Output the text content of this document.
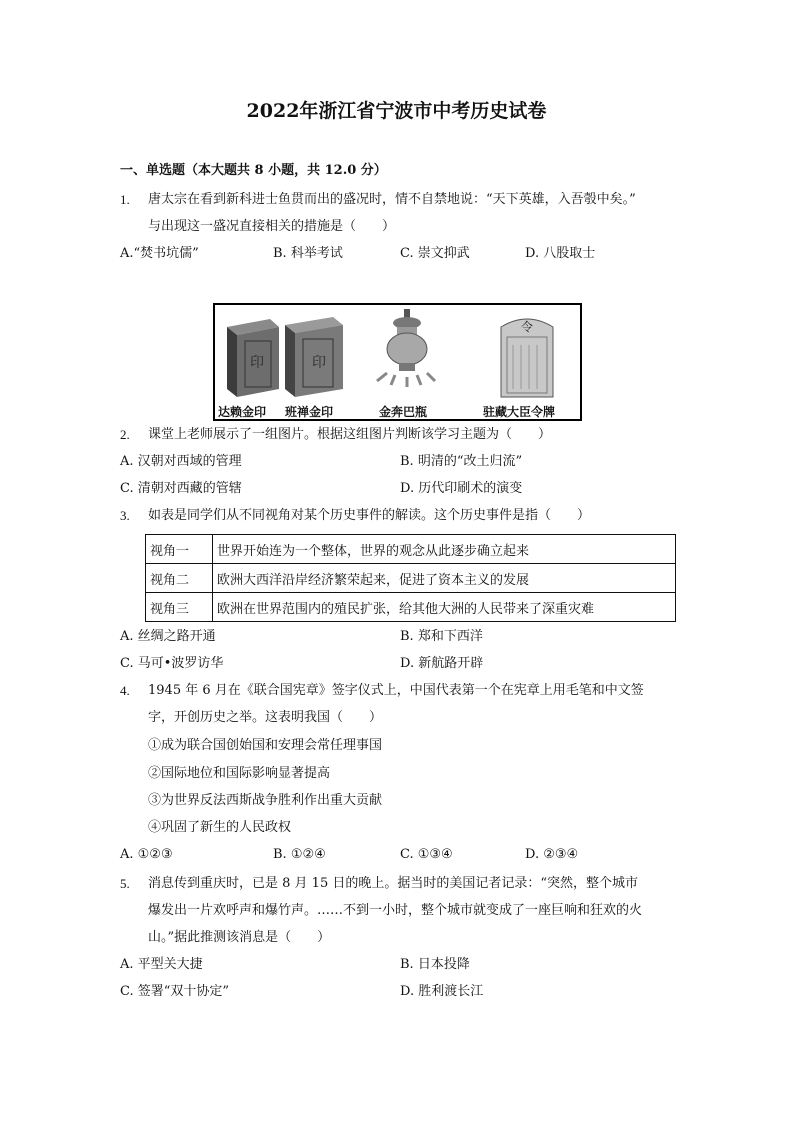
2022年浙江省宁波市中考历史试卷
一、单选题（本大题共 8 小题，共 12.0 分）
1. 唐太宗在看到新科进士鱼贯而出的盛况时，情不自禁地说：“天下英雄，入吾彀中矣。”
与出现这一盛况直接相关的措施是（　　）
A.“焚书坑儒”	B. 科举考试	C. 崇文抑武	D. 八股取士
印	印
令
达赖金印 班禅金印	金奔巴瓶	驻藏大臣令牌
2. 课堂上老师展示了一组图片。根据这组图片判断该学习主题为（　　）
A. 汉朝对西域的管理	B. 明清的“改土归流”
C. 清朝对西藏的管辖	D. 历代印刷术的演变
3. 如表是同学们从不同视角对某个历史事件的解读。这个历史事件是指（　　）
视角一	世界开始连为一个整体，世界的观念从此逐步确立起来
视角二	欧洲大西洋沿岸经济繁荣起来，促进了资本主义的发展
视角三	欧洲在世界范围内的殖民扩张，给其他大洲的人民带来了深重灾难
A. 丝绸之路开通	B. 郑和下西洋
C. 马可•波罗访华	D. 新航路开辟
4. 1945 年 6 月在《联合国宪章》签字仪式上，中国代表第一个在宪章上用毛笔和中文签
字，开创历史之举。这表明我国（　　）
①成为联合国创始国和安理会常任理事国
②国际地位和国际影响显著提高
③为世界反法西斯战争胜利作出重大贡献
④巩固了新生的人民政权
A. ①②③	B. ①②④	C. ①③④	D. ②③④
5. 消息传到重庆时，已是 8 月 15 日的晚上。据当时的美国记者记录：“突然，整个城市
爆发出一片欢呼声和爆竹声。……不到一小时，整个城市就变成了一座巨响和狂欢的火
山。”据此推测该消息是（　　）
A. 平型关大捷	B. 日本投降
C. 签署“双十协定”	D. 胜利渡长江
